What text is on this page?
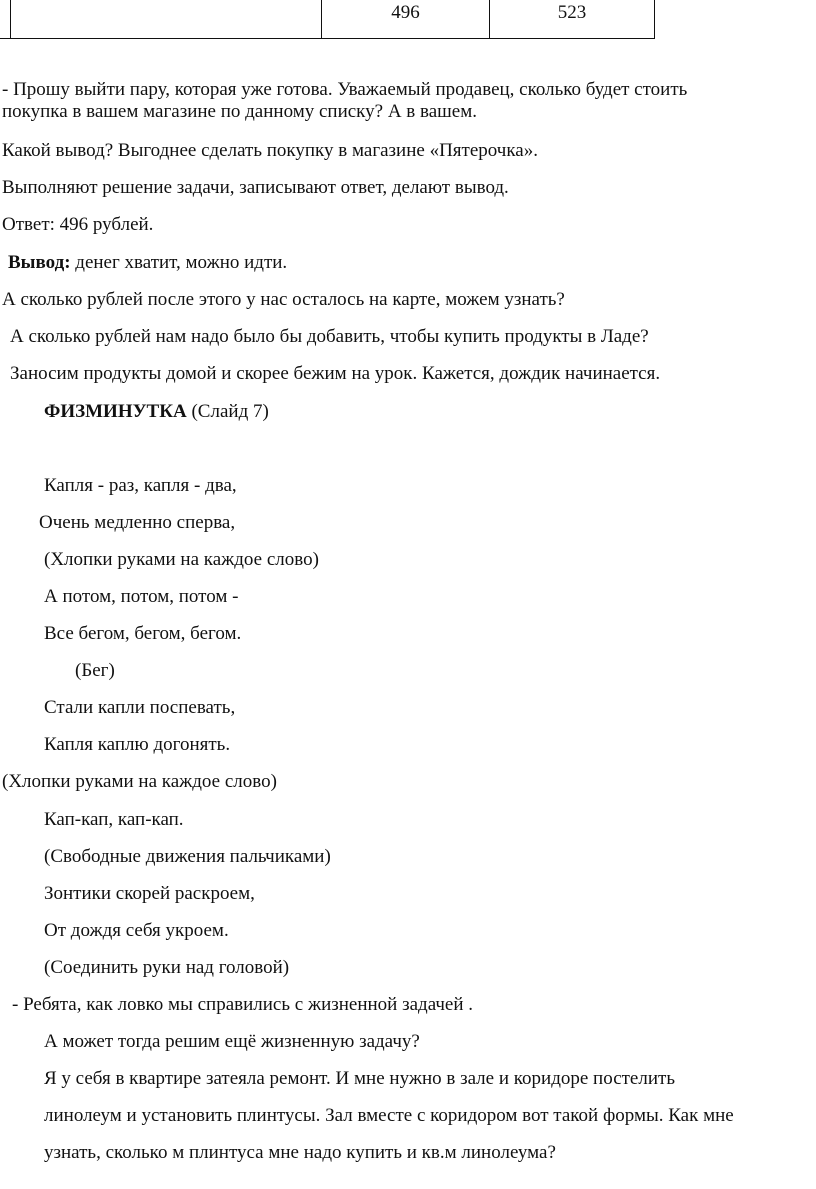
		496	523
- Прошу выйти пару, которая уже готова. Уважаемый продавец, сколько будет стоить
покупка в вашем магазине по данному списку? А в вашем.
Какой вывод? Выгоднее сделать покупку в магазине «Пятерочка».
Выполняют решение задачи, записывают ответ, делают вывод.
Ответ: 496 рублей.
Вывод: денег хватит, можно идти.
А сколько рублей после этого у нас осталось на карте, можем узнать?
А сколько рублей нам надо было бы добавить, чтобы купить продукты в Ладе?
Заносим продукты домой и скорее бежим на урок. Кажется, дождик начинается.
ФИЗМИНУТКА (Слайд 7)
Капля - раз, капля - два,
Очень медленно сперва,
(Хлопки руками на каждое слово)
А потом, потом, потом -
Все бегом, бегом, бегом.
(Бег)
Стали капли поспевать,
Капля каплю догонять.
(Хлопки руками на каждое слово)
Кап-кап, кап-кап.
(Свободные движения пальчиками)
Зонтики скорей раскроем,
От дождя себя укроем.
(Соединить руки над головой)
- Ребята, как ловко мы справились с жизненной задачей .
А может тогда решим ещё жизненную задачу?
Я у себя в квартире затеяла ремонт. И мне нужно в зале и коридоре постелить
линолеум и установить плинтусы. Зал вместе с коридором вот такой формы. Как мне
узнать, сколько м плинтуса мне надо купить и кв.м линолеума?
